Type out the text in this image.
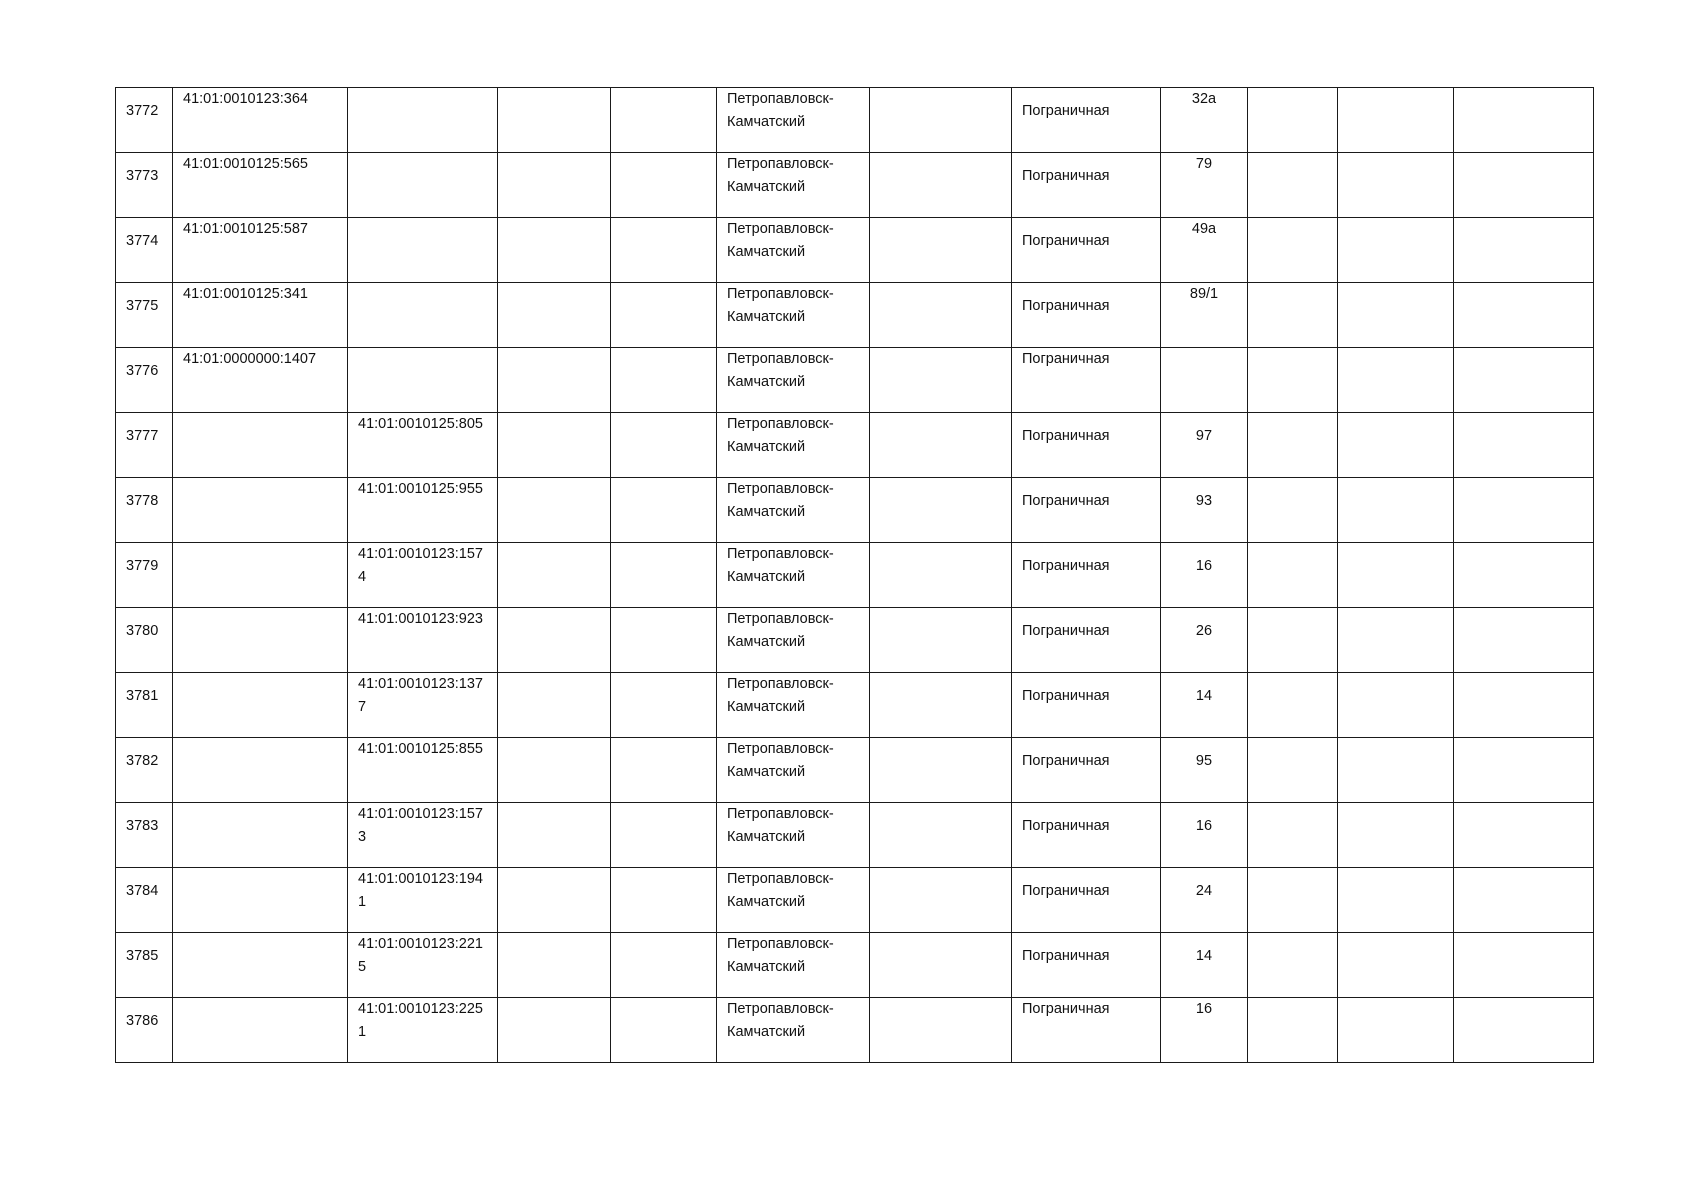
3772	41:01:0010123:364				Петропавловск-Камчатский		Пограничная	32а			

3773	41:01:0010125:565				Петропавловск-Камчатский		Пограничная	79			

3774	41:01:0010125:587				Петропавловск-Камчатский		Пограничная	49а			

3775	41:01:0010125:341				Петропавловск-Камчатский		Пограничная	89/1			

3776	41:01:0000000:1407				Петропавловск-Камчатский		Пограничная				

3777		41:01:0010125:805			Петропавловск-Камчатский		Пограничная	97			

3778		41:01:0010125:955			Петропавловск-Камчатский		Пограничная	93			

3779		41:01:0010123:1574			Петропавловск-Камчатский		Пограничная	16			

3780		41:01:0010123:923			Петропавловск-Камчатский		Пограничная	26			

3781		41:01:0010123:1377			Петропавловск-Камчатский		Пограничная	14			

3782		41:01:0010125:855			Петропавловск-Камчатский		Пограничная	95			

3783		41:01:0010123:1573			Петропавловск-Камчатский		Пограничная	16			

3784		41:01:0010123:1941			Петропавловск-Камчатский		Пограничная	24			

3785		41:01:0010123:2215			Петропавловск-Камчатский		Пограничная	14			

3786		41:01:0010123:2251			Петропавловск-Камчатский		Пограничная	16			
